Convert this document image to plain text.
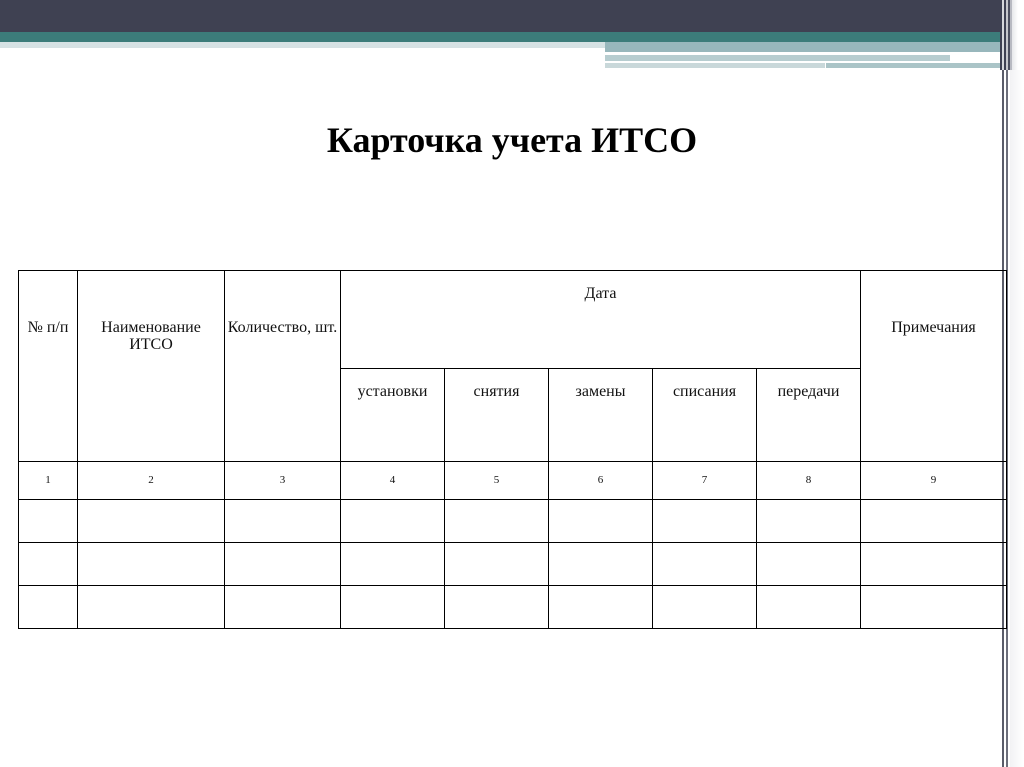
Карточка учета ИТСО
№ п/п	Наименование ИТСО	Количество, шт.	Дата					Примечания
			установки	снятия	замены	списания	передачи	
1	2	3	4	5	6	7	8	9
